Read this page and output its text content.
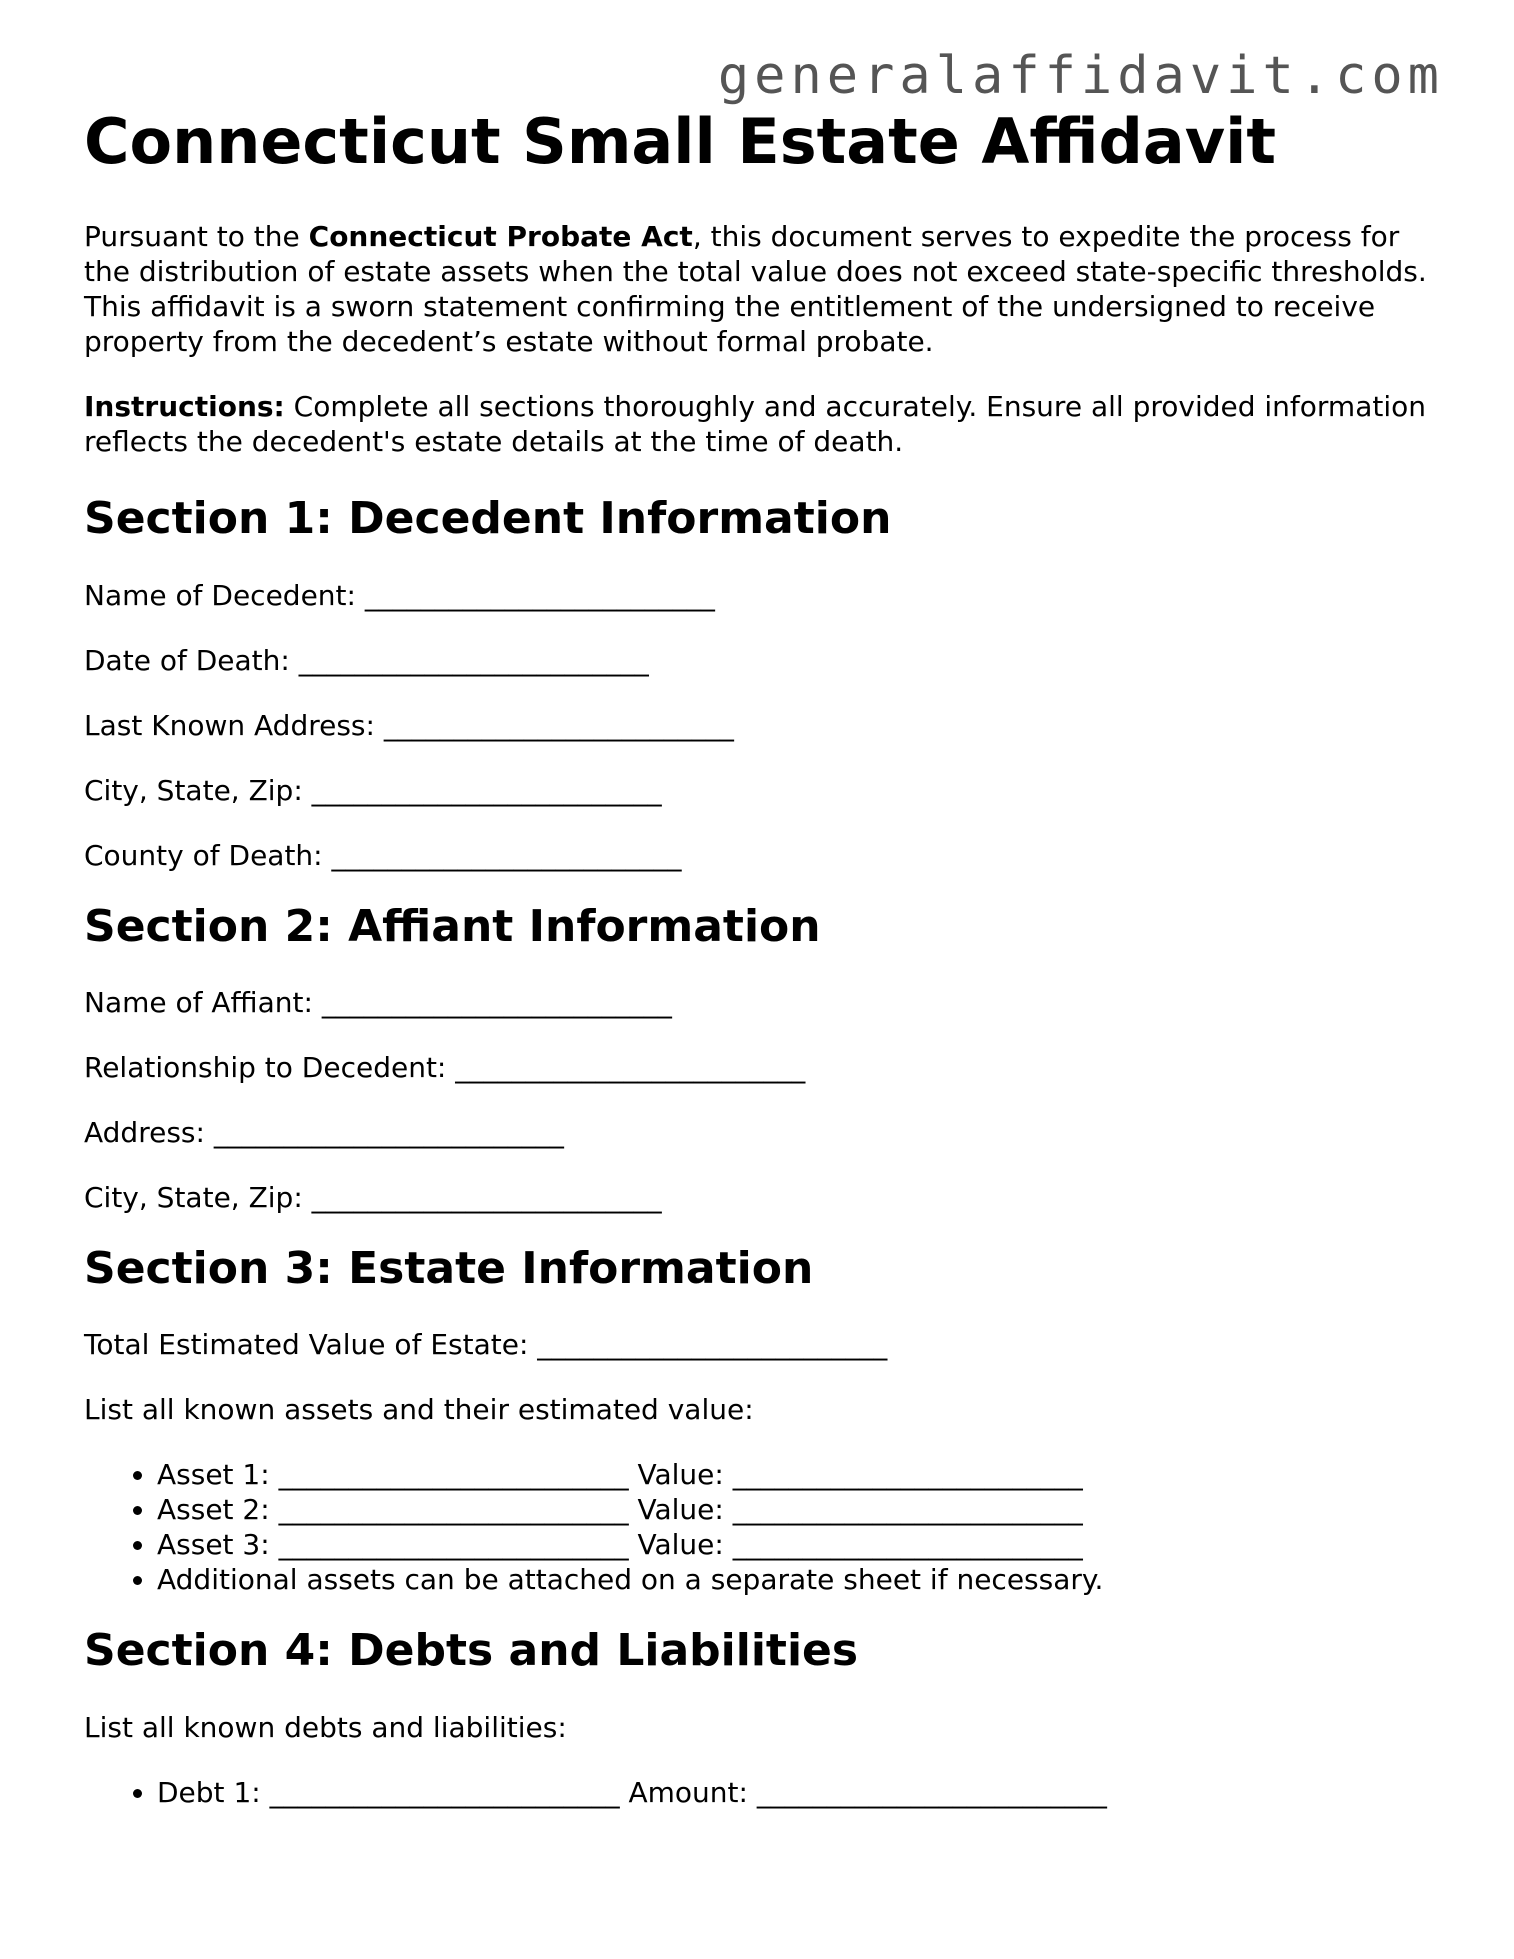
generalaffidavit.com
Connecticut Small Estate Affidavit

Pursuant to the Connecticut Probate Act, this document serves to expedite the process for the distribution of estate assets when the total value does not exceed state-specific thresholds. This affidavit is a sworn statement confirming the entitlement of the undersigned to receive property from the decedent’s estate without formal probate.

Instructions: Complete all sections thoroughly and accurately. Ensure all provided information reflects the decedent's estate details at the time of death.

Section 1: Decedent Information
Name of Decedent: _________________________
Date of Death: _________________________
Last Known Address: _________________________
City, State, Zip: _________________________
County of Death: _________________________
Section 2: Affiant Information
Name of Affiant: _________________________
Relationship to Decedent: _________________________
Address: _________________________
City, State, Zip: _________________________
Section 3: Estate Information
Total Estimated Value of Estate: _________________________
List all known assets and their estimated value:
• Asset 1: _________________________ Value: _________________________
• Asset 2: _________________________ Value: _________________________
• Asset 3: _________________________ Value: _________________________
• Additional assets can be attached on a separate sheet if necessary.
Section 4: Debts and Liabilities
List all known debts and liabilities:
• Debt 1: _________________________ Amount: _________________________
